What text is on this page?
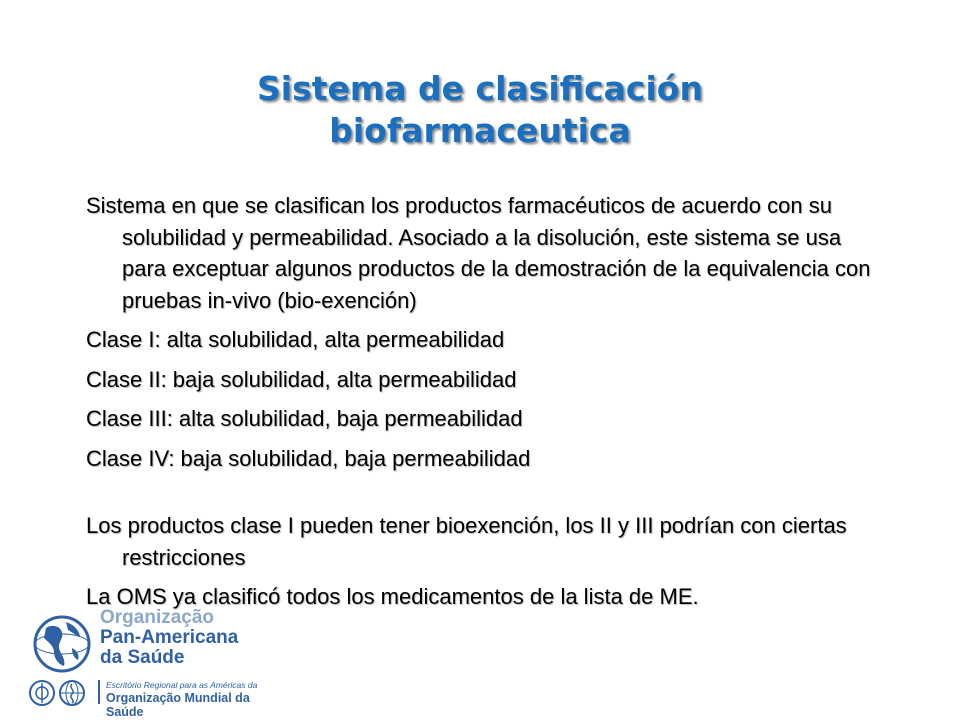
Sistema de clasificación
biofarmaceutica

Sistema en que se clasifican los productos farmacéuticos de acuerdo con su solubilidad y permeabilidad. Asociado a la disolución, este sistema se usa para exceptuar algunos productos de la demostración de la equivalencia con pruebas in-vivo (bio-exención)

Clase I: alta solubilidad, alta permeabilidad

Clase II: baja solubilidad, alta permeabilidad

Clase III: alta solubilidad, baja permeabilidad

Clase IV: baja solubilidad, baja permeabilidad

Los productos clase I pueden tener bioexención, los II y III podrían con ciertas restricciones

La OMS ya clasificó todos los medicamentos de la lista de ME.

Organização
Pan-Americana
da Saúde
Escritório Regional para as Américas da
Organização Mundial da Saúde
